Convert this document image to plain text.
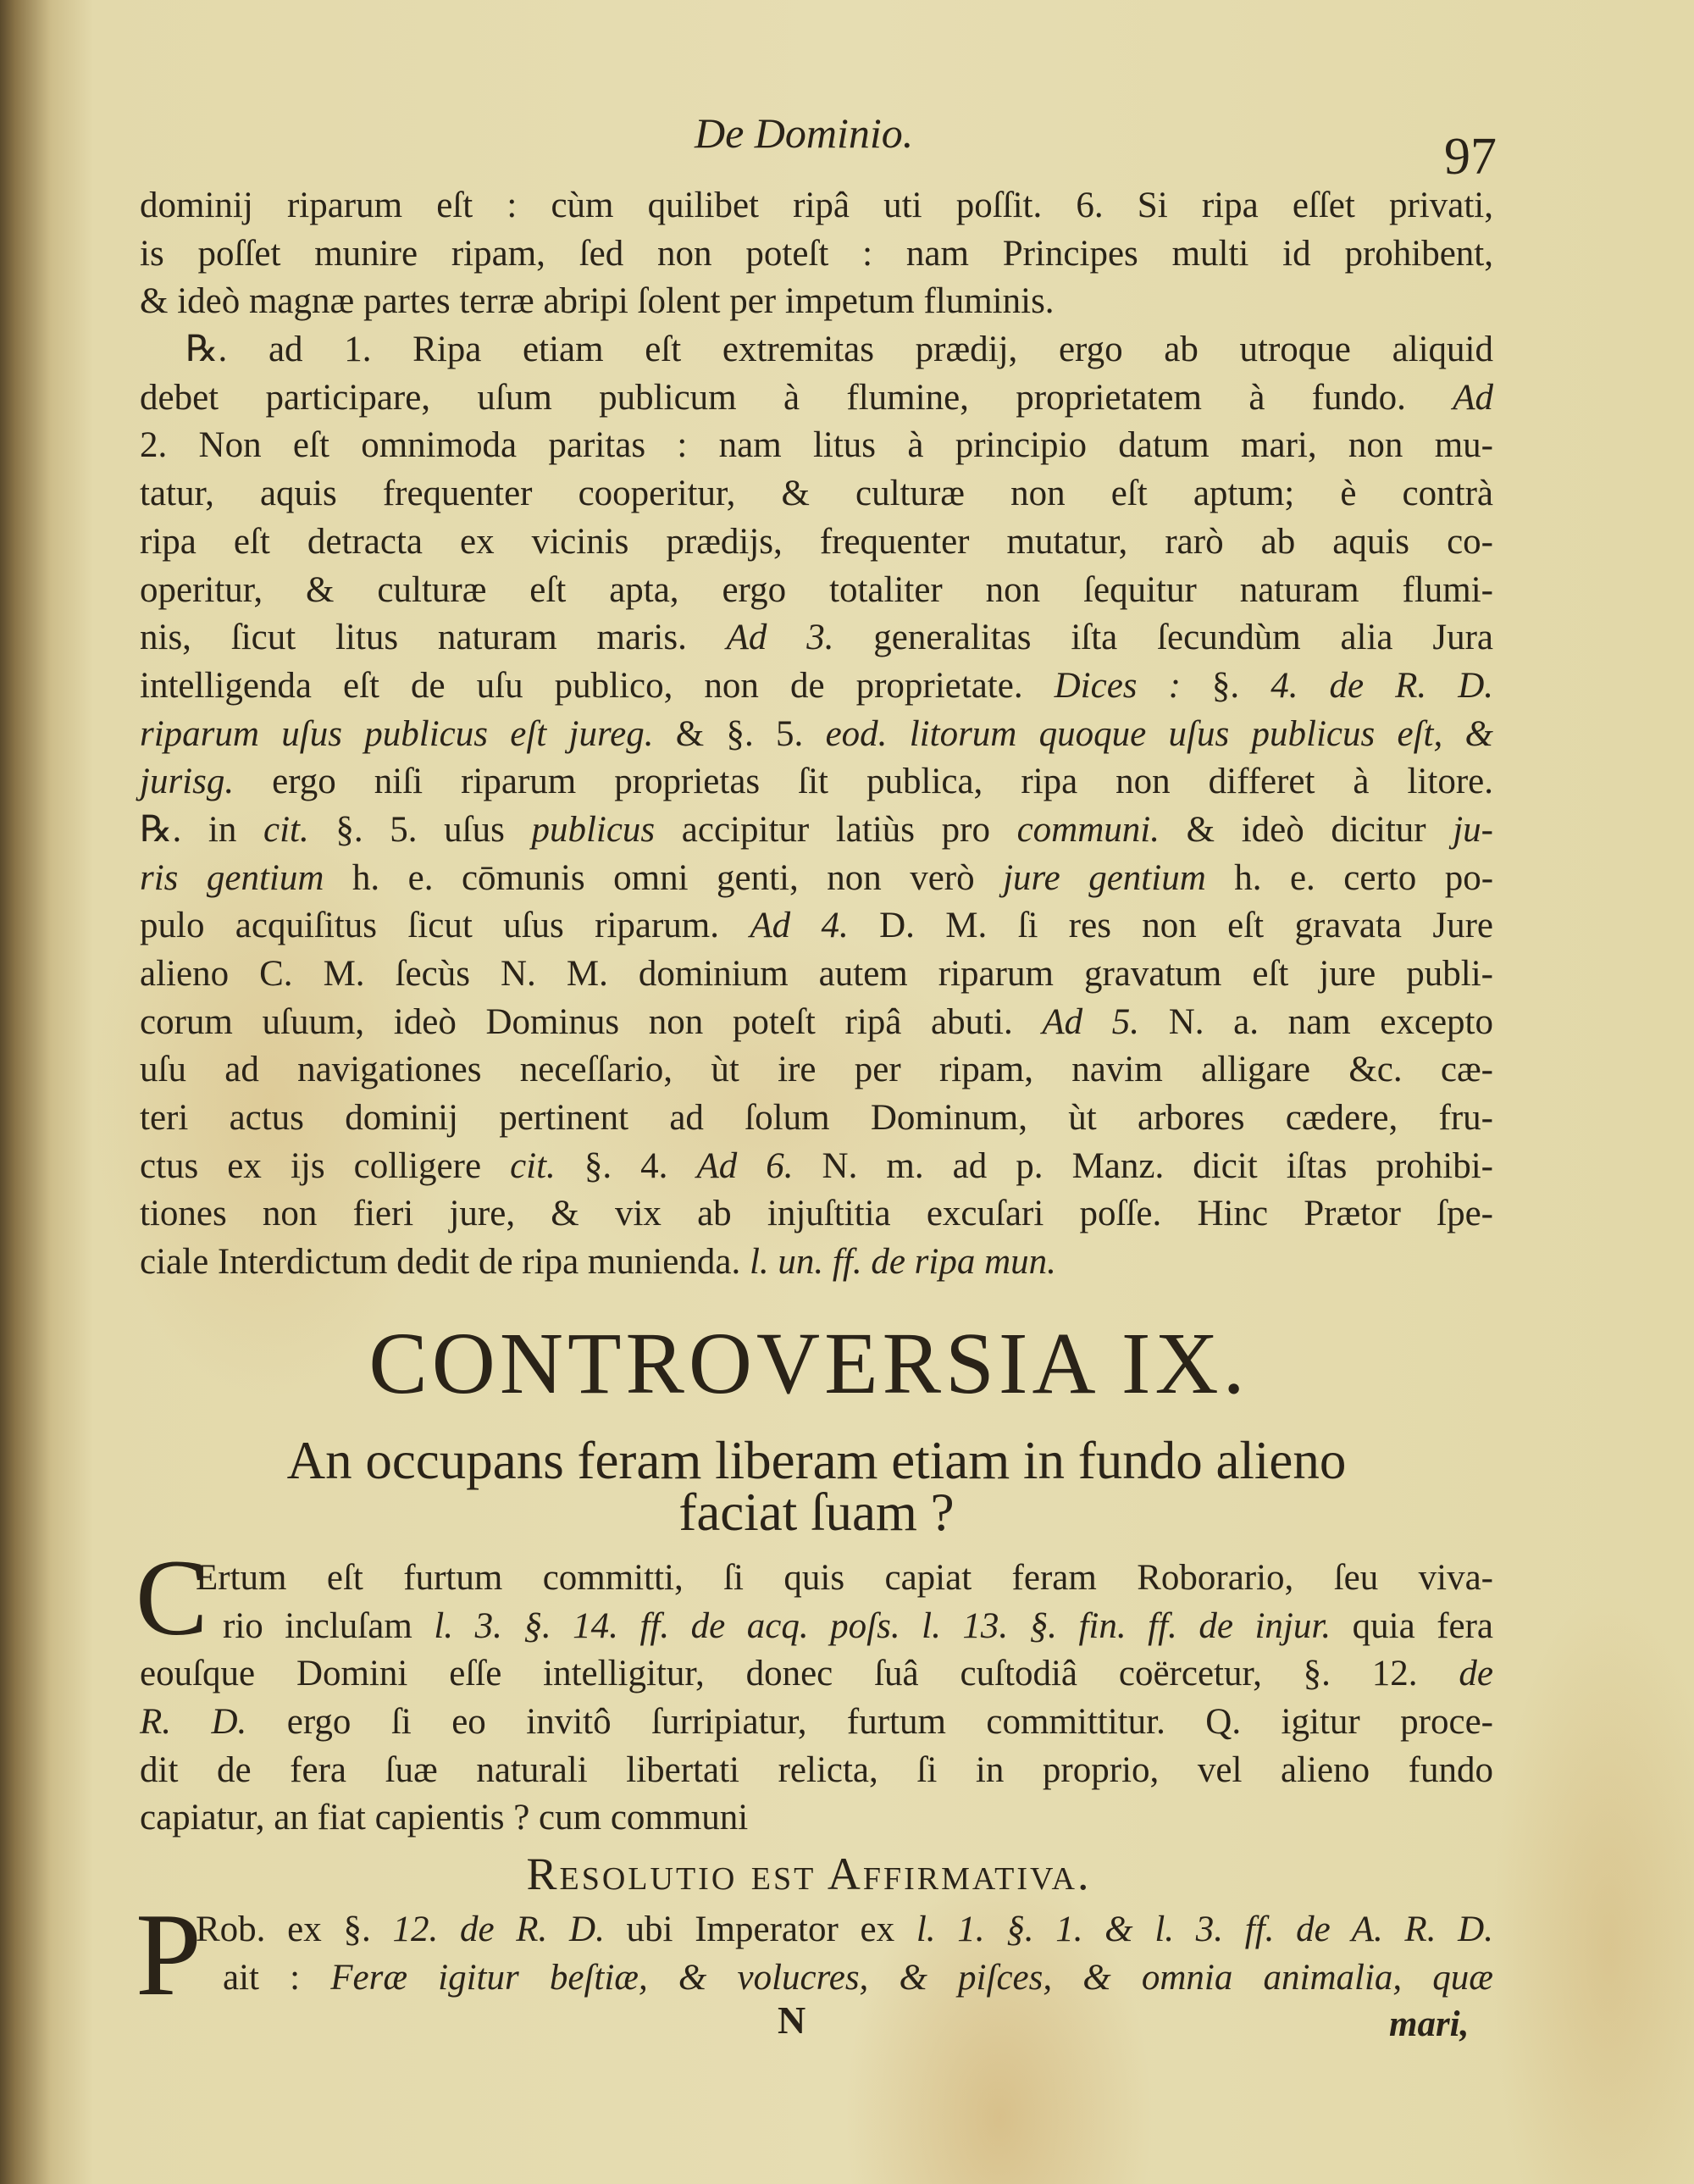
De Dominio.	97
dominij riparum eſt : cùm quilibet ripâ uti poſſit. 6. Si ripa eſſet privati,
is poſſet munire ripam, ſed non poteſt : nam Principes multi id prohibent,
& ideò magnæ partes terræ abripi ſolent per impetum fluminis.
℞. ad 1. Ripa etiam eſt extremitas prædij, ergo ab utroque aliquid
debet participare, uſum publicum à flumine, proprietatem à fundo. Ad
2. Non eſt omnimoda paritas : nam litus à principio datum mari, non mu-
tatur, aquis frequenter cooperitur, & culturæ non eſt aptum; è contrà
ripa eſt detracta ex vicinis prædijs, frequenter mutatur, rarò ab aquis co-
operitur, & culturæ eſt apta, ergo totaliter non ſequitur naturam flumi-
nis, ſicut litus naturam maris. Ad 3. generalitas iſta ſecundùm alia Jura
intelligenda eſt de uſu publico, non de proprietate. Dices : §. 4. de R. D.
riparum uſus publicus eſt jureg. & §. 5. eod. litorum quoque uſus publicus eſt, &
jurisg. ergo niſi riparum proprietas ſit publica, ripa non differet à litore.
℞. in cit. §. 5. uſus publicus accipitur latiùs pro communi. & ideò dicitur ju-
ris gentium h. e. cōmunis omni genti, non verò jure gentium h. e. certo po-
pulo acquiſitus ſicut uſus riparum. Ad 4. D. M. ſi res non eſt gravata Jure
alieno C. M. ſecùs N. M. dominium autem riparum gravatum eſt jure publi-
corum uſuum, ideò Dominus non poteſt ripâ abuti. Ad 5. N. a. nam excepto
uſu ad navigationes neceſſario, ùt ire per ripam, navim alligare &c. cæ-
teri actus dominij pertinent ad ſolum Dominum, ùt arbores cædere, fru-
ctus ex ijs colligere cit. §. 4. Ad 6. N. m. ad p. Manz. dicit iſtas prohibi-
tiones non fieri jure, & vix ab injuſtitia excuſari poſſe. Hinc Prætor ſpe-
ciale Interdictum dedit de ripa munienda. l. un. ff. de ripa mun.
CONTROVERSIA IX.
An occupans feram liberam etiam in fundo alieno
faciat ſuam ?
C
Ertum eſt furtum committi, ſi quis capiat feram Roborario, ſeu viva-
rio incluſam l. 3. §. 14. ff. de acq. poſs. l. 13. §. fin. ff. de injur. quia fera
eouſque Domini eſſe intelligitur, donec ſuâ cuſtodiâ coërcetur, §. 12. de
R. D. ergo ſi eo invitô ſurripiatur, furtum committitur. Q. igitur proce-
dit de fera ſuæ naturali libertati relicta, ſi in proprio, vel alieno fundo
capiatur, an fiat capientis ? cum communi
Resolutio est Affirmativa.
P
Rob. ex §. 12. de R. D. ubi Imperator ex l. 1. §. 1. & l. 3. ff. de A. R. D.
ait : Feræ igitur beſtiæ, & volucres, & piſces, & omnia animalia, quæ
N	mari,
